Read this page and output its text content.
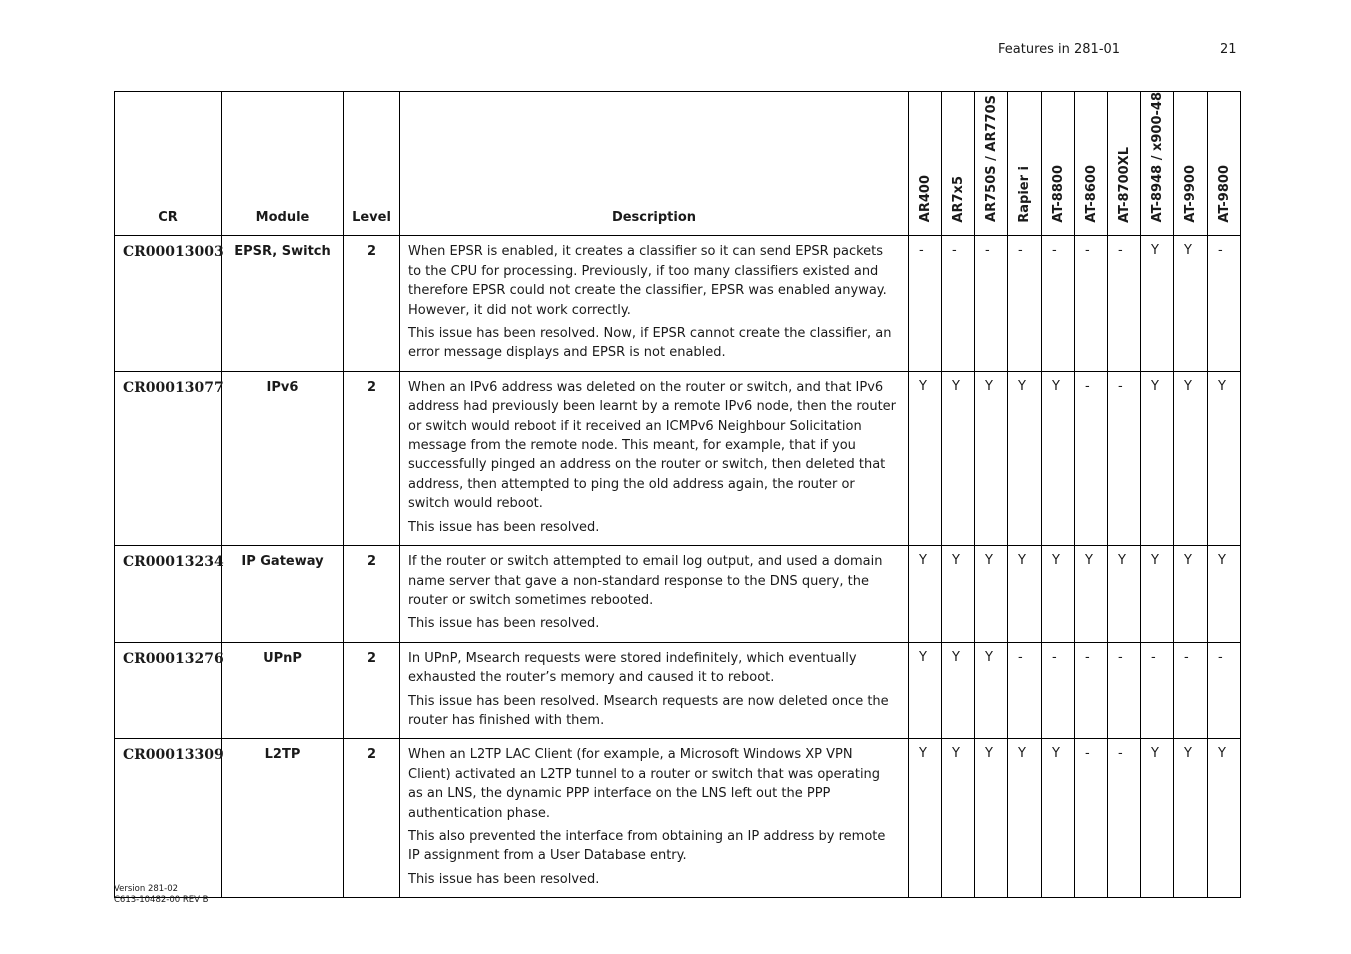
Features in 281-01	21
CR	Module	Level	Description	AR400	AR7x5	AR750S / AR770S	Rapier i	AT-8800	AT-8600	AT-8700XL	AT-8948 / x900-48	AT-9900	AT-9800
CR00013003	EPSR, Switch	2	When EPSR is enabled, it creates a classifier so it can send EPSR packets to the CPU for processing. Previously, if too many classifiers existed and therefore EPSR could not create the classifier, EPSR was enabled anyway. However, it did not work correctly.

This issue has been resolved. Now, if EPSR cannot create the classifier, an error message displays and EPSR is not enabled.	-	-	-	-	-	-	-	Y	Y	-
CR00013077	IPv6	2	When an IPv6 address was deleted on the router or switch, and that IPv6 address had previously been learnt by a remote IPv6 node, then the router or switch would reboot if it received an ICMPv6 Neighbour Solicitation message from the remote node. This meant, for example, that if you successfully pinged an address on the router or switch, then deleted that address, then attempted to ping the old address again, the router or switch would reboot.

This issue has been resolved.	Y	Y	Y	Y	Y	-	-	Y	Y	Y
CR00013234	IP Gateway	2	If the router or switch attempted to email log output, and used a domain name server that gave a non-standard response to the DNS query, the router or switch sometimes rebooted.

This issue has been resolved.	Y	Y	Y	Y	Y	Y	Y	Y	Y	Y
CR00013276	UPnP	2	In UPnP, Msearch requests were stored indefinitely, which eventually exhausted the router’s memory and caused it to reboot.

This issue has been resolved. Msearch requests are now deleted once the router has finished with them.	Y	Y	Y	-	-	-	-	-	-	-
CR00013309	L2TP	2	When an L2TP LAC Client (for example, a Microsoft Windows XP VPN Client) activated an L2TP tunnel to a router or switch that was operating as an LNS, the dynamic PPP interface on the LNS left out the PPP authentication phase.

This also prevented the interface from obtaining an IP address by remote IP assignment from a User Database entry.

This issue has been resolved.	Y	Y	Y	Y	Y	-	-	Y	Y	Y
Version 281-02
C613-10482-00 REV B
